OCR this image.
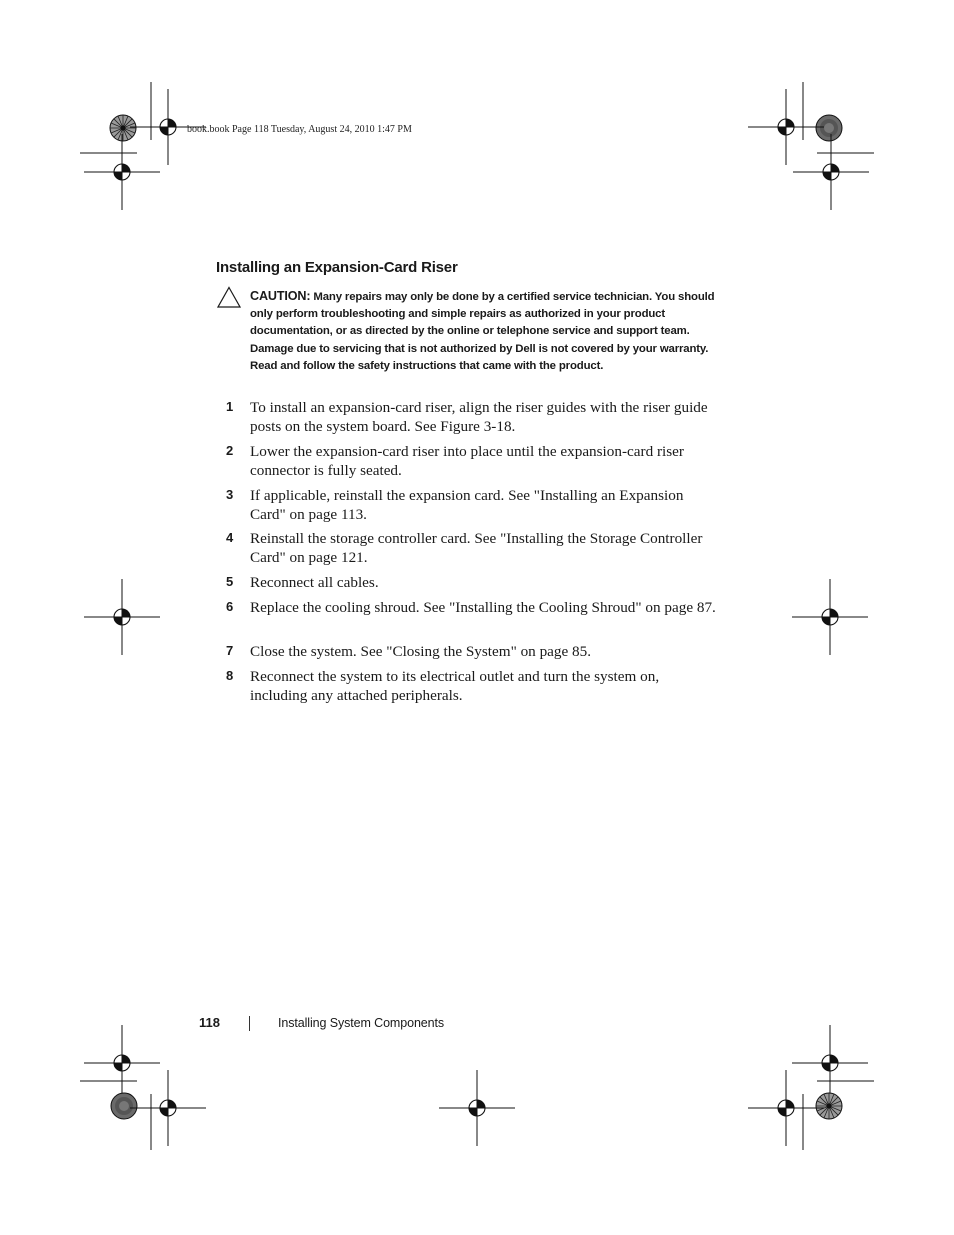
book.book Page 118 Tuesday, August 24, 2010 1:47 PM
Installing an Expansion-Card Riser
CAUTION: Many repairs may only be done by a certified service technician. You should only perform troubleshooting and simple repairs as authorized in your product documentation, or as directed by the online or telephone service and support team. Damage due to servicing that is not authorized by Dell is not covered by your warranty. Read and follow the safety instructions that came with the product.
1 To install an expansion-card riser, align the riser guides with the riser guide posts on the system board. See Figure 3-18.
2 Lower the expansion-card riser into place until the expansion-card riser connector is fully seated.
3 If applicable, reinstall the expansion card. See "Installing an Expansion Card" on page 113.
4 Reinstall the storage controller card. See "Installing the Storage Controller Card" on page 121.
5 Reconnect all cables.
6 Replace the cooling shroud. See "Installing the Cooling Shroud" on page 87.
7 Close the system. See "Closing the System" on page 85.
8 Reconnect the system to its electrical outlet and turn the system on, including any attached peripherals.
118	Installing System Components
